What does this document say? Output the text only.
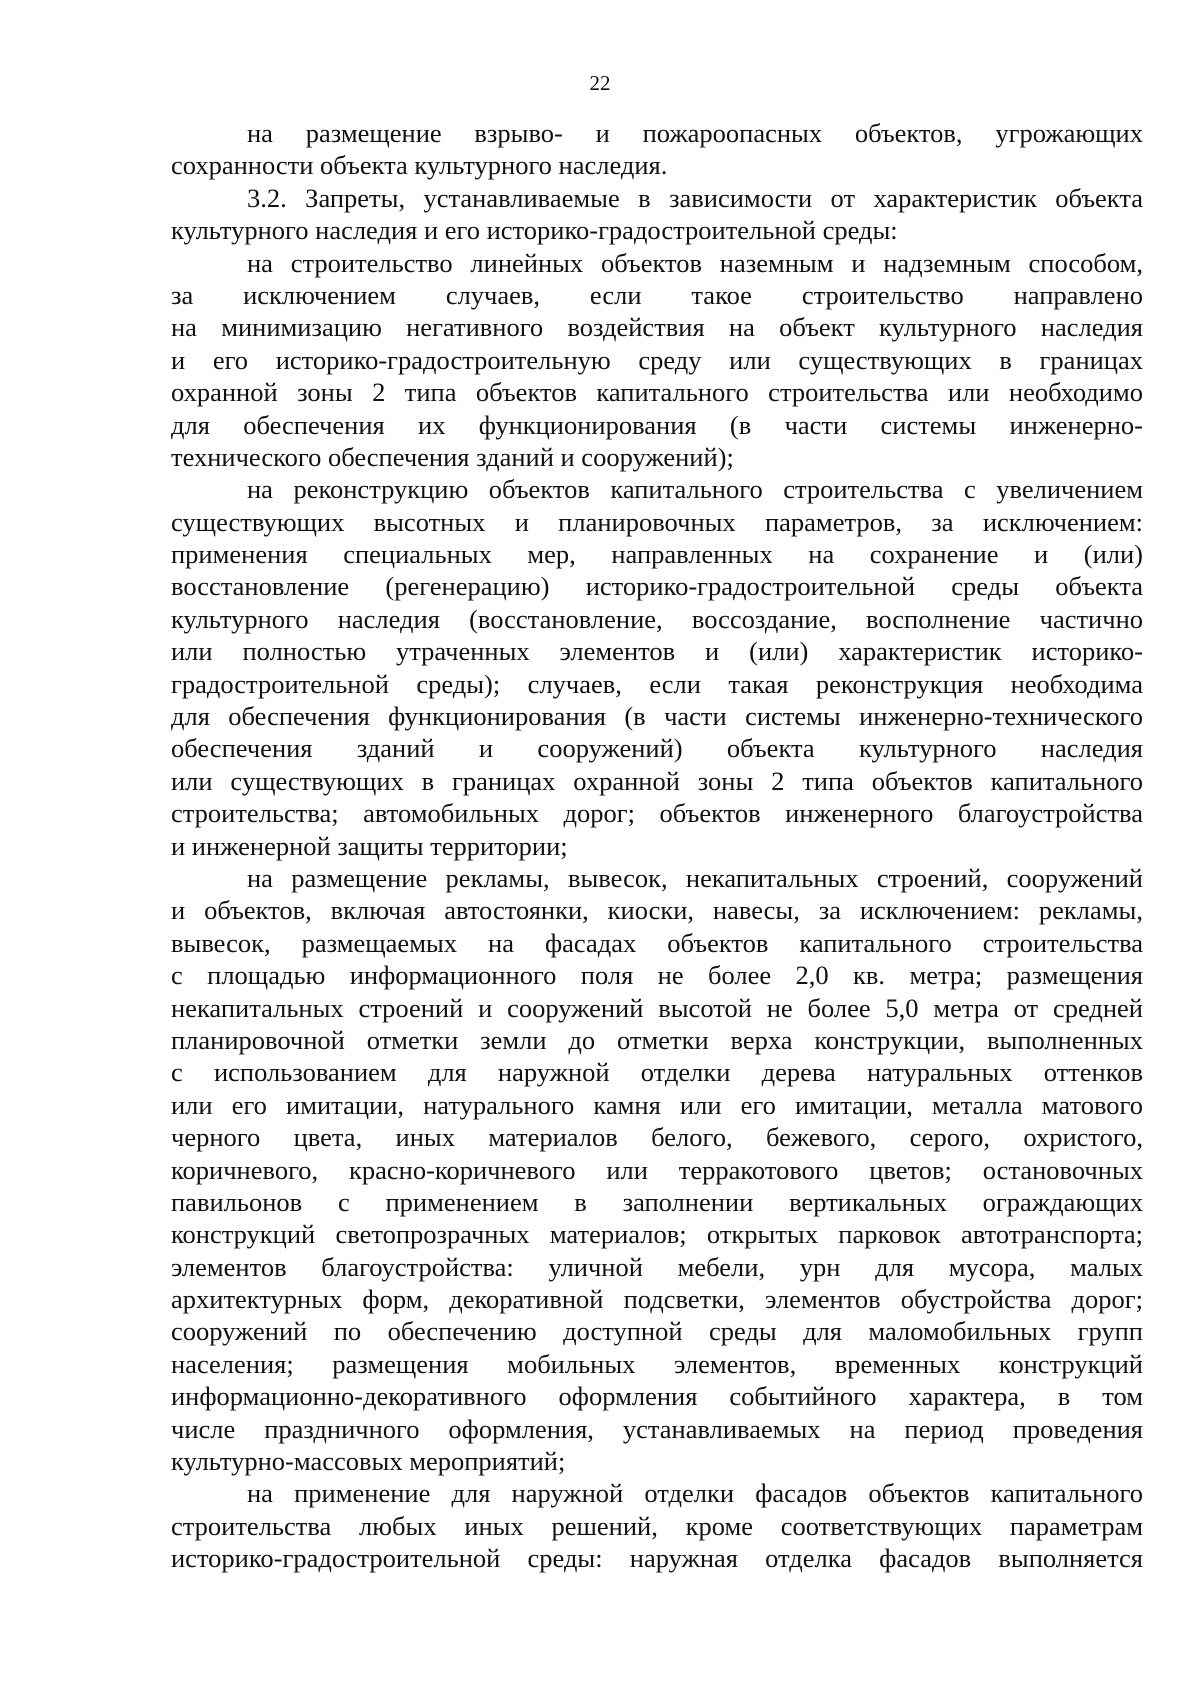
22
на размещение взрыво- и пожароопасных объектов, угрожающих
сохранности объекта культурного наследия.
3.2. Запреты, устанавливаемые в зависимости от характеристик объекта
культурного наследия и его историко-градостроительной среды:
на строительство линейных объектов наземным и надземным способом,
за исключением случаев, если такое строительство направлено
на минимизацию негативного воздействия на объект культурного наследия
и его историко-градостроительную среду или существующих в границах
охранной зоны 2 типа объектов капитального строительства или необходимо
для обеспечения их функционирования (в части системы инженерно-
технического обеспечения зданий и сооружений);
на реконструкцию объектов капитального строительства с увеличением
существующих высотных и планировочных параметров, за исключением:
применения специальных мер, направленных на сохранение и (или)
восстановление (регенерацию) историко-градостроительной среды объекта
культурного наследия (восстановление, воссоздание, восполнение частично
или полностью утраченных элементов и (или) характеристик историко-
градостроительной среды); случаев, если такая реконструкция необходима
для обеспечения функционирования (в части системы инженерно-технического
обеспечения зданий и сооружений) объекта культурного наследия
или существующих в границах охранной зоны 2 типа объектов капитального
строительства; автомобильных дорог; объектов инженерного благоустройства
и инженерной защиты территории;
на размещение рекламы, вывесок, некапитальных строений, сооружений
и объектов, включая автостоянки, киоски, навесы, за исключением: рекламы,
вывесок, размещаемых на фасадах объектов капитального строительства
с площадью информационного поля не более 2,0 кв. метра; размещения
некапитальных строений и сооружений высотой не более 5,0 метра от средней
планировочной отметки земли до отметки верха конструкции, выполненных
с использованием для наружной отделки дерева натуральных оттенков
или его имитации, натурального камня или его имитации, металла матового
черного цвета, иных материалов белого, бежевого, серого, охристого,
коричневого, красно-коричневого или терракотового цветов; остановочных
павильонов с применением в заполнении вертикальных ограждающих
конструкций светопрозрачных материалов; открытых парковок автотранспорта;
элементов благоустройства: уличной мебели, урн для мусора, малых
архитектурных форм, декоративной подсветки, элементов обустройства дорог;
сооружений по обеспечению доступной среды для маломобильных групп
населения; размещения мобильных элементов, временных конструкций
информационно-декоративного оформления событийного характера, в том
числе праздничного оформления, устанавливаемых на период проведения
культурно-массовых мероприятий;
на применение для наружной отделки фасадов объектов капитального
строительства любых иных решений, кроме соответствующих параметрам
историко-градостроительной среды: наружная отделка фасадов выполняется
